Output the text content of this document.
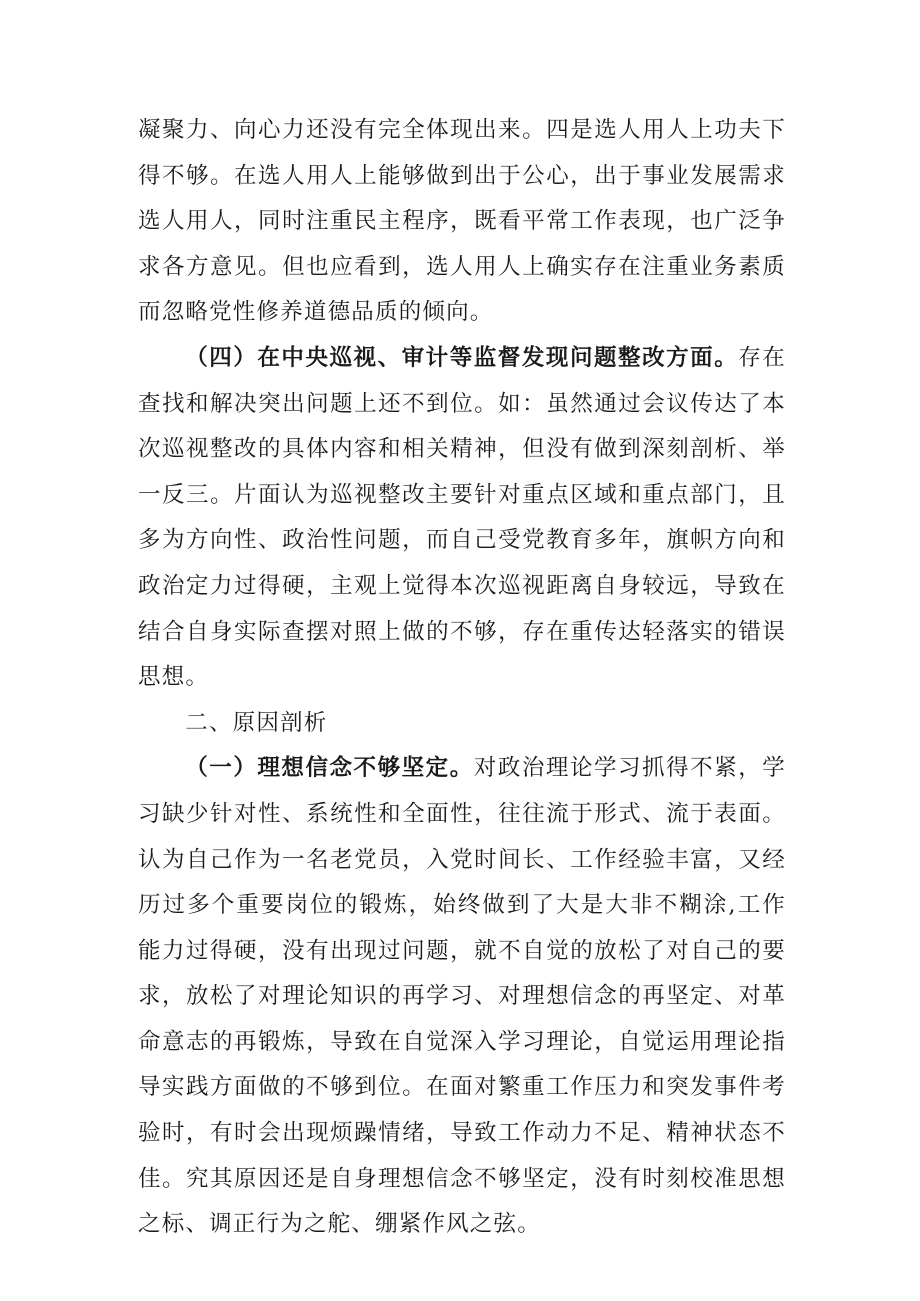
凝聚力、向心力还没有完全体现出来。四是选人用人上功夫下得不够。在选人用人上能够做到出于公心，出于事业发展需求选人用人，同时注重民主程序，既看平常工作表现，也广泛争求各方意见。但也应看到，选人用人上确实存在注重业务素质而忽略党性修养道德品质的倾向。

（四）在中央巡视、审计等监督发现问题整改方面。存在查找和解决突出问题上还不到位。如：虽然通过会议传达了本次巡视整改的具体内容和相关精神，但没有做到深刻剖析、举一反三。片面认为巡视整改主要针对重点区域和重点部门，且多为方向性、政治性问题，而自己受党教育多年，旗帜方向和政治定力过得硬，主观上觉得本次巡视距离自身较远，导致在结合自身实际查摆对照上做的不够，存在重传达轻落实的错误思想。

二、原因剖析

（一）理想信念不够坚定。对政治理论学习抓得不紧，学习缺少针对性、系统性和全面性，往往流于形式、流于表面。认为自己作为一名老党员，入党时间长、工作经验丰富，又经历过多个重要岗位的锻炼，始终做到了大是大非不糊涂,工作能力过得硬，没有出现过问题，就不自觉的放松了对自己的要求，放松了对理论知识的再学习、对理想信念的再坚定、对革命意志的再锻炼，导致在自觉深入学习理论，自觉运用理论指导实践方面做的不够到位。在面对繁重工作压力和突发事件考验时，有时会出现烦躁情绪，导致工作动力不足、精神状态不佳。究其原因还是自身理想信念不够坚定，没有时刻校准思想之标、调正行为之舵、绷紧作风之弦。
